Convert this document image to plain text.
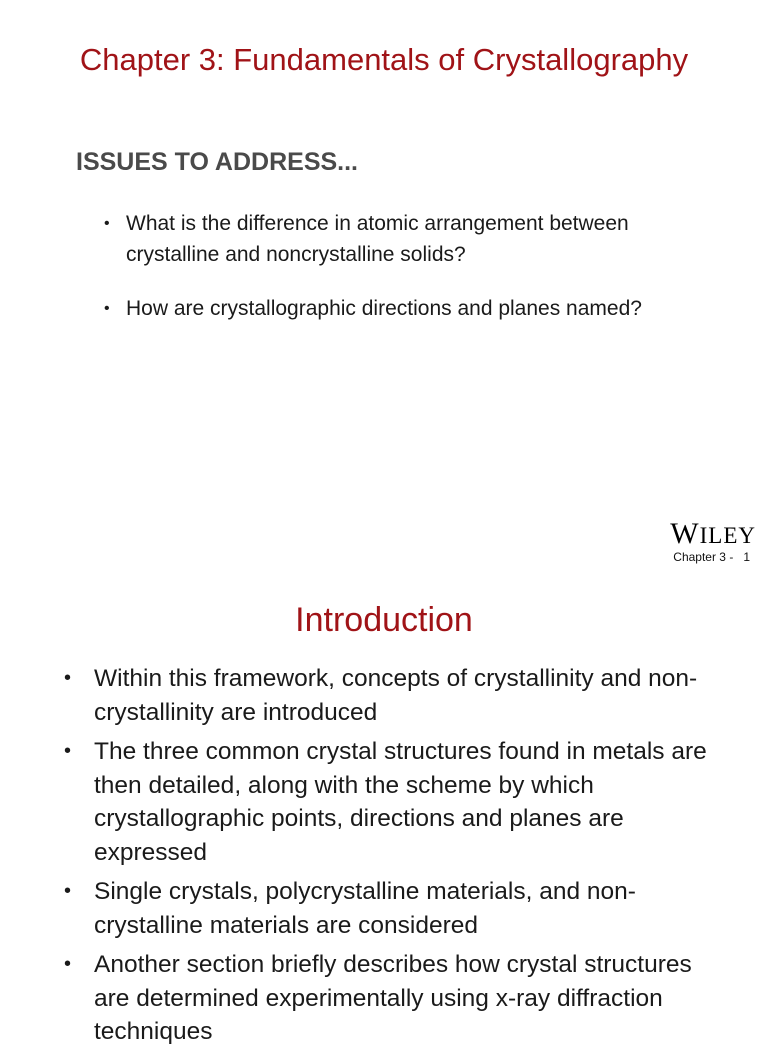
Chapter 3: Fundamentals of Crystallography
ISSUES TO ADDRESS...
• What is the difference in atomic arrangement between crystalline and noncrystalline solids?
• How are crystallographic directions and planes named?
WILEY
Chapter 3 -   1
Introduction
• Within this framework, concepts of crystallinity and non-crystallinity are introduced
• The three common crystal structures found in metals are then detailed, along with the scheme by which crystallographic points, directions and planes are expressed
• Single crystals, polycrystalline materials, and non-crystalline materials are considered
• Another section briefly describes how crystal structures are determined experimentally using x-ray diffraction techniques
